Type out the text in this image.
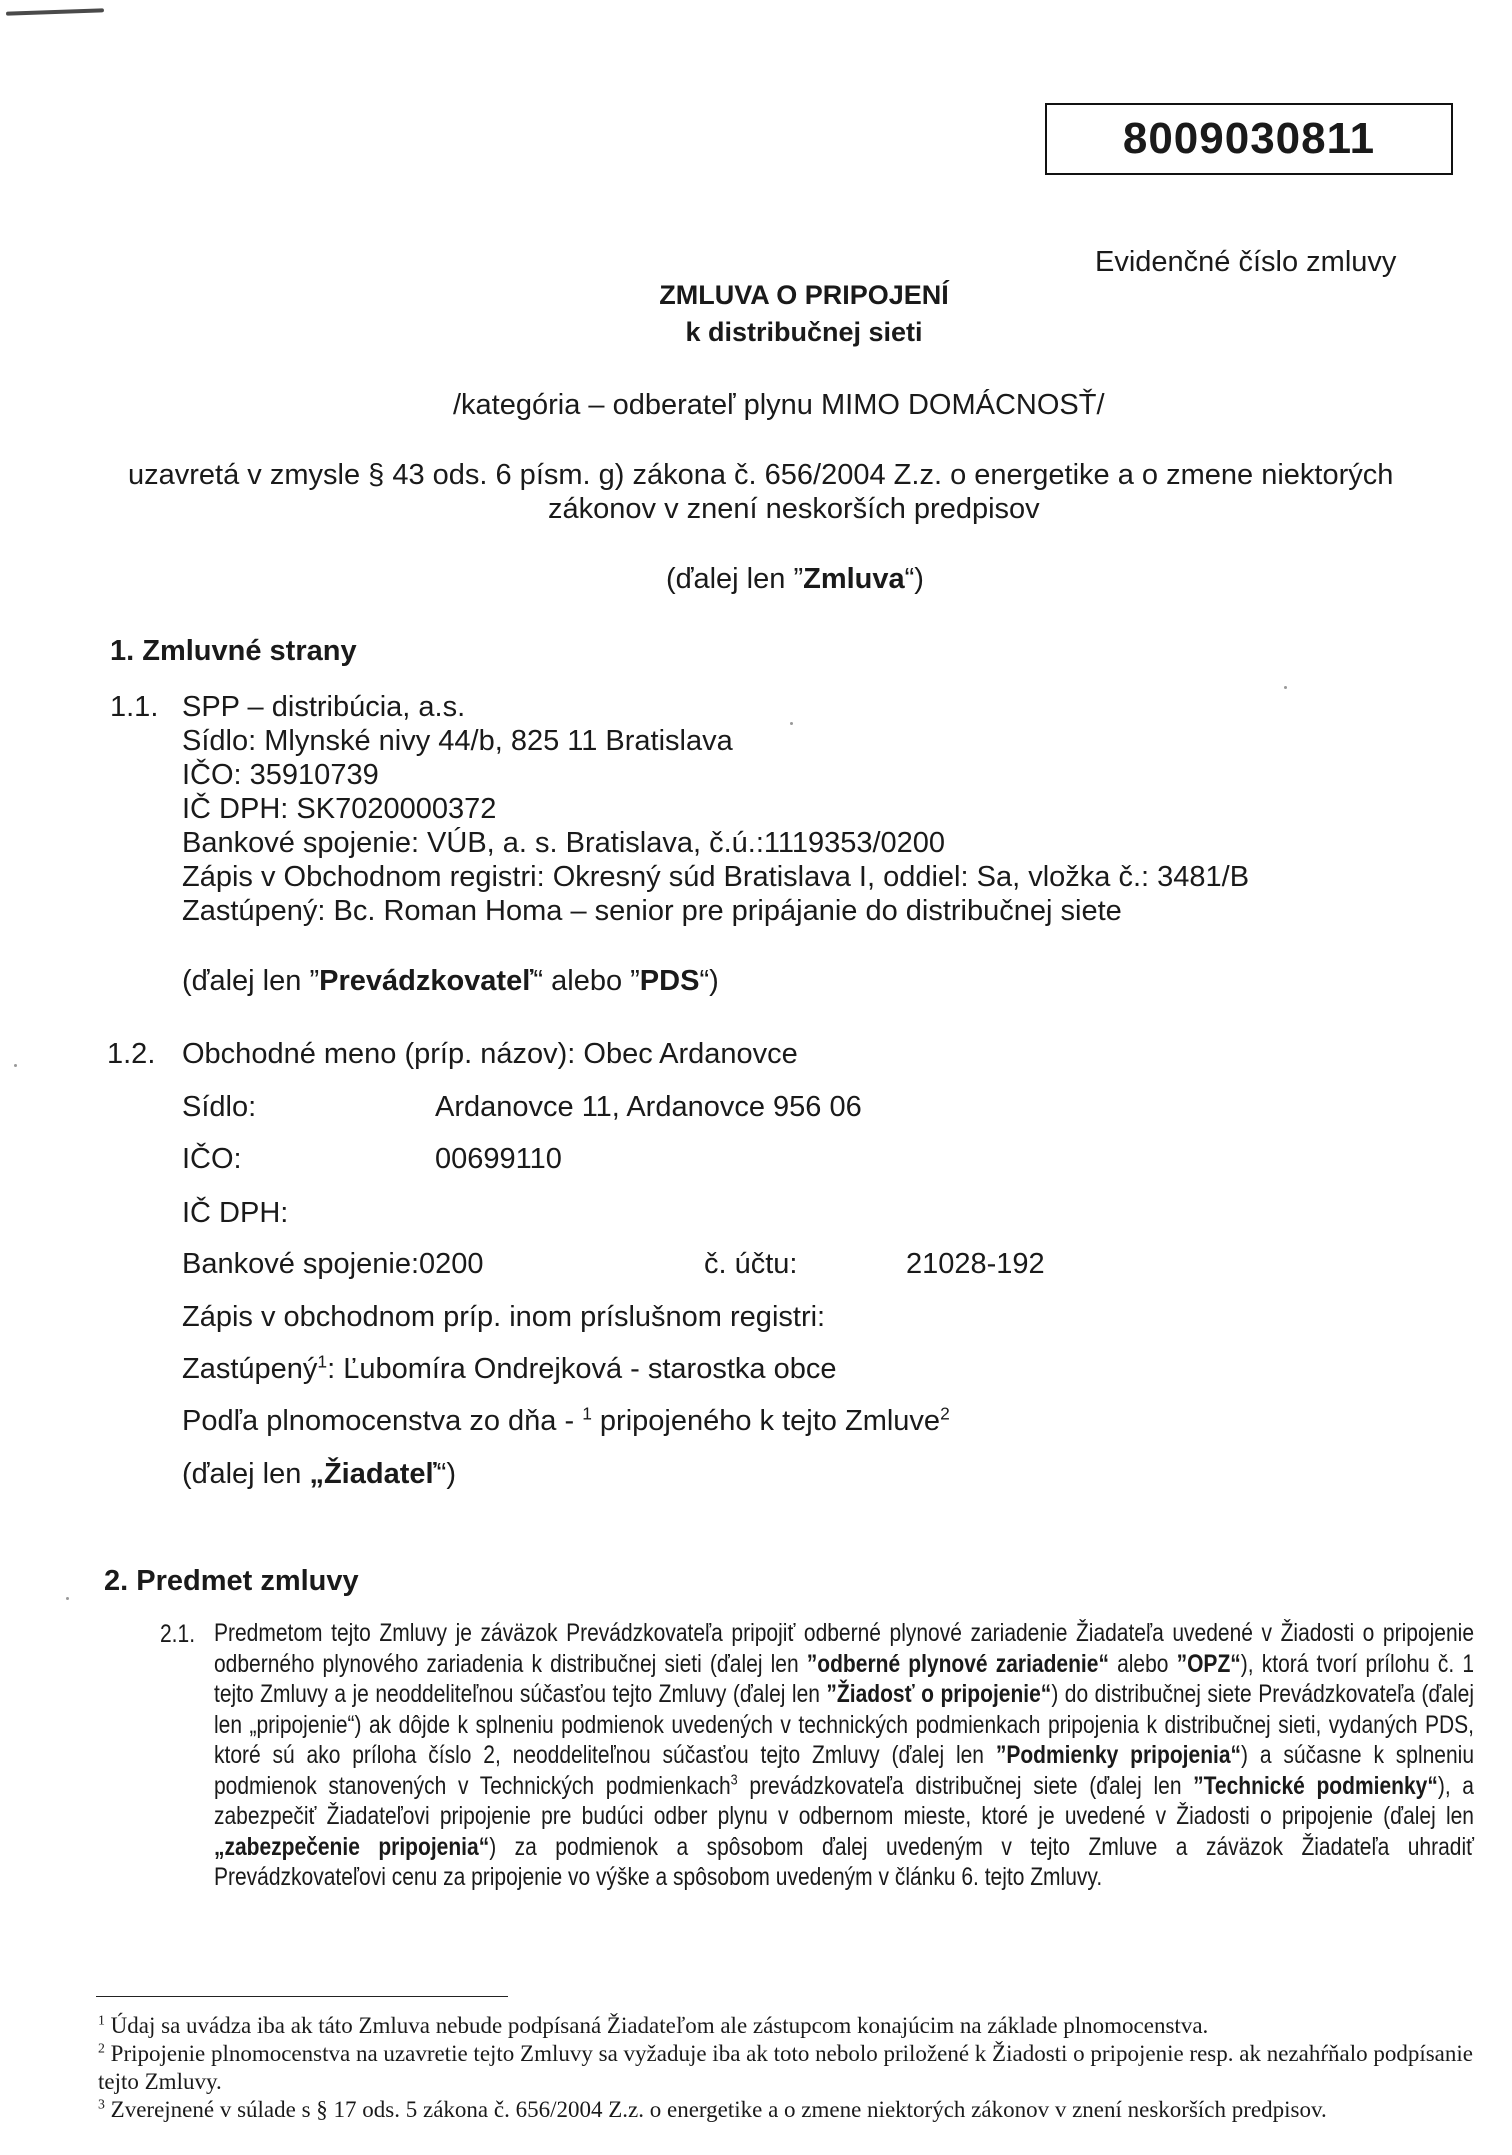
8009030811
Evidenčné číslo zmluvy
ZMLUVA O PRIPOJENÍ
k distribučnej sieti
/kategória – odberateľ plynu MIMO DOMÁCNOSŤ/
uzavretá v zmysle § 43 ods. 6 písm. g) zákona č. 656/2004 Z.z. o energetike a o zmene niektorých
zákonov v znení neskorších predpisov
(ďalej len ”Zmluva“)
1. Zmluvné strany
1.1. SPP – distribúcia, a.s.
Sídlo: Mlynské nivy 44/b, 825 11 Bratislava
IČO: 35910739
IČ DPH: SK7020000372
Bankové spojenie: VÚB, a. s. Bratislava, č.ú.:1119353/0200
Zápis v Obchodnom registri: Okresný súd Bratislava I, oddiel: Sa, vložka č.: 3481/B
Zastúpený: Bc. Roman Homa – senior pre pripájanie do distribučnej siete
(ďalej len ”Prevádzkovateľ“ alebo ”PDS“)
1.2. Obchodné meno (príp. názov): Obec Ardanovce
Sídlo:	Ardanovce 11, Ardanovce 956 06
IČO:	00699110
IČ DPH:
Bankové spojenie:0200	č. účtu:	21028-192
Zápis v obchodnom príp. inom príslušnom registri:
Zastúpený$^1$: Ľubomíra Ondrejková - starostka obce
Podľa plnomocenstva zo dňa - $^1$ pripojeného k tejto Zmluve$^2$
(ďalej len „Žiadateľ“)
2. Predmet zmluvy
2.1. Predmetom tejto Zmluvy je záväzok Prevádzkovateľa pripojiť odberné plynové zariadenie Žiadateľa uvedené v Žiadosti o pripojenie odberného plynového zariadenia k distribučnej sieti (ďalej len ”odberné plynové zariadenie“ alebo ”OPZ“), ktorá tvorí prílohu č. 1 tejto Zmluvy a je neoddeliteľnou súčasťou tejto Zmluvy (ďalej len ”Žiadosť o pripojenie“) do distribučnej siete Prevádzkovateľa (ďalej len „pripojenie“) ak dôjde k splneniu podmienok uvedených v technických podmienkach pripojenia k distribučnej sieti, vydaných PDS, ktoré sú ako príloha číslo 2, neoddeliteľnou súčasťou tejto Zmluvy (ďalej len ”Podmienky pripojenia“) a súčasne k splneniu podmienok stanovených v Technických podmienkach$^3$ prevádzkovateľa distribučnej siete (ďalej len ”Technické podmienky“), a zabezpečiť Žiadateľovi pripojenie pre budúci odber plynu v odbernom mieste, ktoré je uvedené v Žiadosti o pripojenie (ďalej len „zabezpečenie pripojenia“) za podmienok a spôsobom ďalej uvedeným v tejto Zmluve a záväzok Žiadateľa uhradiť Prevádzkovateľovi cenu za pripojenie vo výške a spôsobom uvedeným v článku 6. tejto Zmluvy.
$^1$ Údaj sa uvádza iba ak táto Zmluva nebude podpísaná Žiadateľom ale zástupcom konajúcim na základe plnomocenstva.
$^2$ Pripojenie plnomocenstva na uzavretie tejto Zmluvy sa vyžaduje iba ak toto nebolo priložené k Žiadosti o pripojenie resp. ak nezahŕňalo podpísanie tejto Zmluvy.
$^3$ Zverejnené v súlade s § 17 ods. 5 zákona č. 656/2004 Z.z. o energetike a o zmene niektorých zákonov v znení neskorších predpisov.
